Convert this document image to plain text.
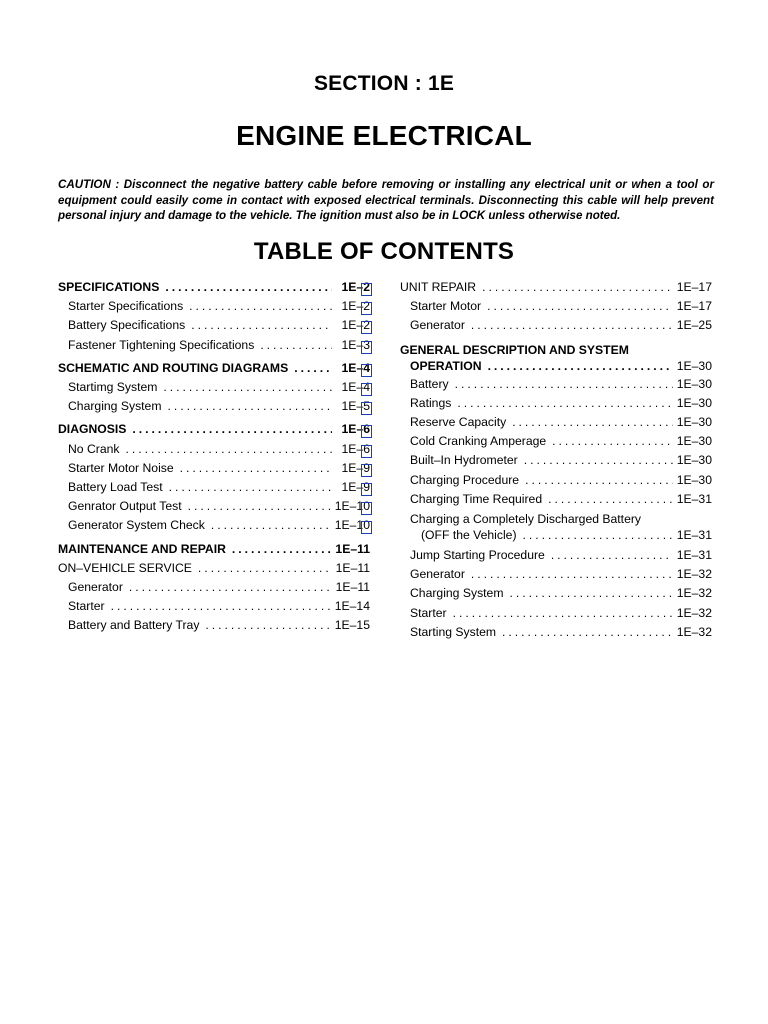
SECTION : 1E
ENGINE ELECTRICAL
CAUTION : Disconnect the negative battery cable before removing or installing any electrical unit or when a tool or equipment could easily come in contact with exposed electrical terminals. Disconnecting this cable will help prevent personal injury and damage to the vehicle. The ignition must also be in LOCK unless otherwise noted.
TABLE OF CONTENTS
SPECIFICATIONS . . .	1E–2
Starter Specifications . . .	1E–2
Battery Specifications . . .	1E–2
Fastener Tightening Specifications . . .	1E–3
SCHEMATIC AND ROUTING DIAGRAMS . . .	1E–4
Startimg System . . .	1E–4
Charging System . . .	1E–5
DIAGNOSIS . . .	1E–6
No Crank . . .	1E–6
Starter Motor Noise . . .	1E–9
Battery Load Test . . .	1E–9
Genrator Output Test . . .	1E–10
Generator System Check . . .	1E–10
MAINTENANCE AND REPAIR . . .	1E–11
ON–VEHICLE SERVICE . . .	1E–11
Generator . . .	1E–11
Starter . . .	1E–14
Battery and Battery Tray . . .	1E–15
UNIT REPAIR . . .	1E–17
Starter Motor . . .	1E–17
Generator . . .	1E–25
GENERAL DESCRIPTION AND SYSTEM
OPERATION . . .	1E–30
Battery . . .	1E–30
Ratings . . .	1E–30
Reserve Capacity . . .	1E–30
Cold Cranking Amperage . . .	1E–30
Built–In Hydrometer . . .	1E–30
Charging Procedure . . .	1E–30
Charging Time Required . . .	1E–31
Charging a Completely Discharged Battery
(OFF the Vehicle) . . .	1E–31
Jump Starting Procedure . . .	1E–31
Generator . . .	1E–32
Charging System . . .	1E–32
Starter . . .	1E–32
Starting System . . .	1E–32
